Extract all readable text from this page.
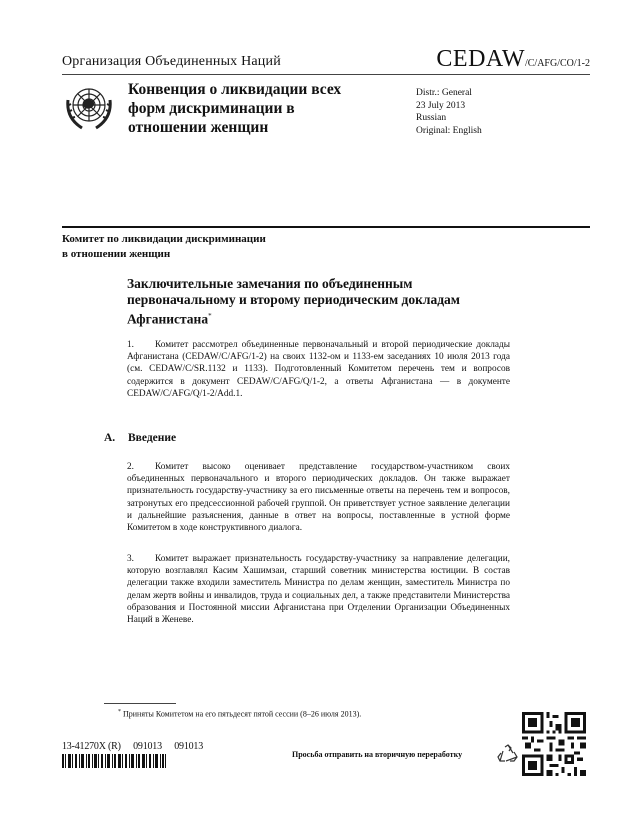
Организация Объединенных Наций	CEDAW/C/AFG/CO/1-2
Конвенция о ликвидации всех
форм дискриминации в
отношении женщин
Distr.: General
23 July 2013
Russian
Original: English
Комитет по ликвидации дискриминации
в отношении женщин
Заключительные замечания по объединенным
первоначальному и второму периодическим докладам
Афганистана*
1. Комитет рассмотрел объединенные первоначальный и второй периодические доклады Афганистана (CEDAW/C/AFG/1-2) на своих 1132-ом и 1133-ем заседаниях 10 июля 2013 года (см. CEDAW/C/SR.1132 и 1133). Подготовленный Комитетом перечень тем и вопросов содержится в документ CEDAW/C/AFG/Q/1-2, а ответы Афганистана — в документе CEDAW/C/AFG/Q/1-2/Add.1.
A. Введение
2. Комитет высоко оценивает представление государством-участником своих объединенных первоначального и второго периодических докладов. Он также выражает признательность государству-участнику за его письменные ответы на перечень тем и вопросов, затронутых его предсессионной рабочей группой. Он приветствует устное заявление делегации и дальнейшие разъяснения, данные в ответ на вопросы, поставленные в устной форме Комитетом в ходе конструктивного диалога.
3. Комитет выражает признательность государству-участнику за направление делегации, которую возглавлял Касим Хашимзаи, старший советник министерства юстиции. В состав делегации также входили заместитель Министра по делам женщин, заместитель Министра по делам жертв войны и инвалидов, труда и социальных дел, а также представители Министерства образования и Постоянной миссии Афганистана при Отделении Организации Объединенных Наций в Женеве.
* Приняты Комитетом на его пятьдесят пятой сессии (8–26 июля 2013).
13-41270X (R) 091013 091013
Просьба отправить на вторичную переработку
